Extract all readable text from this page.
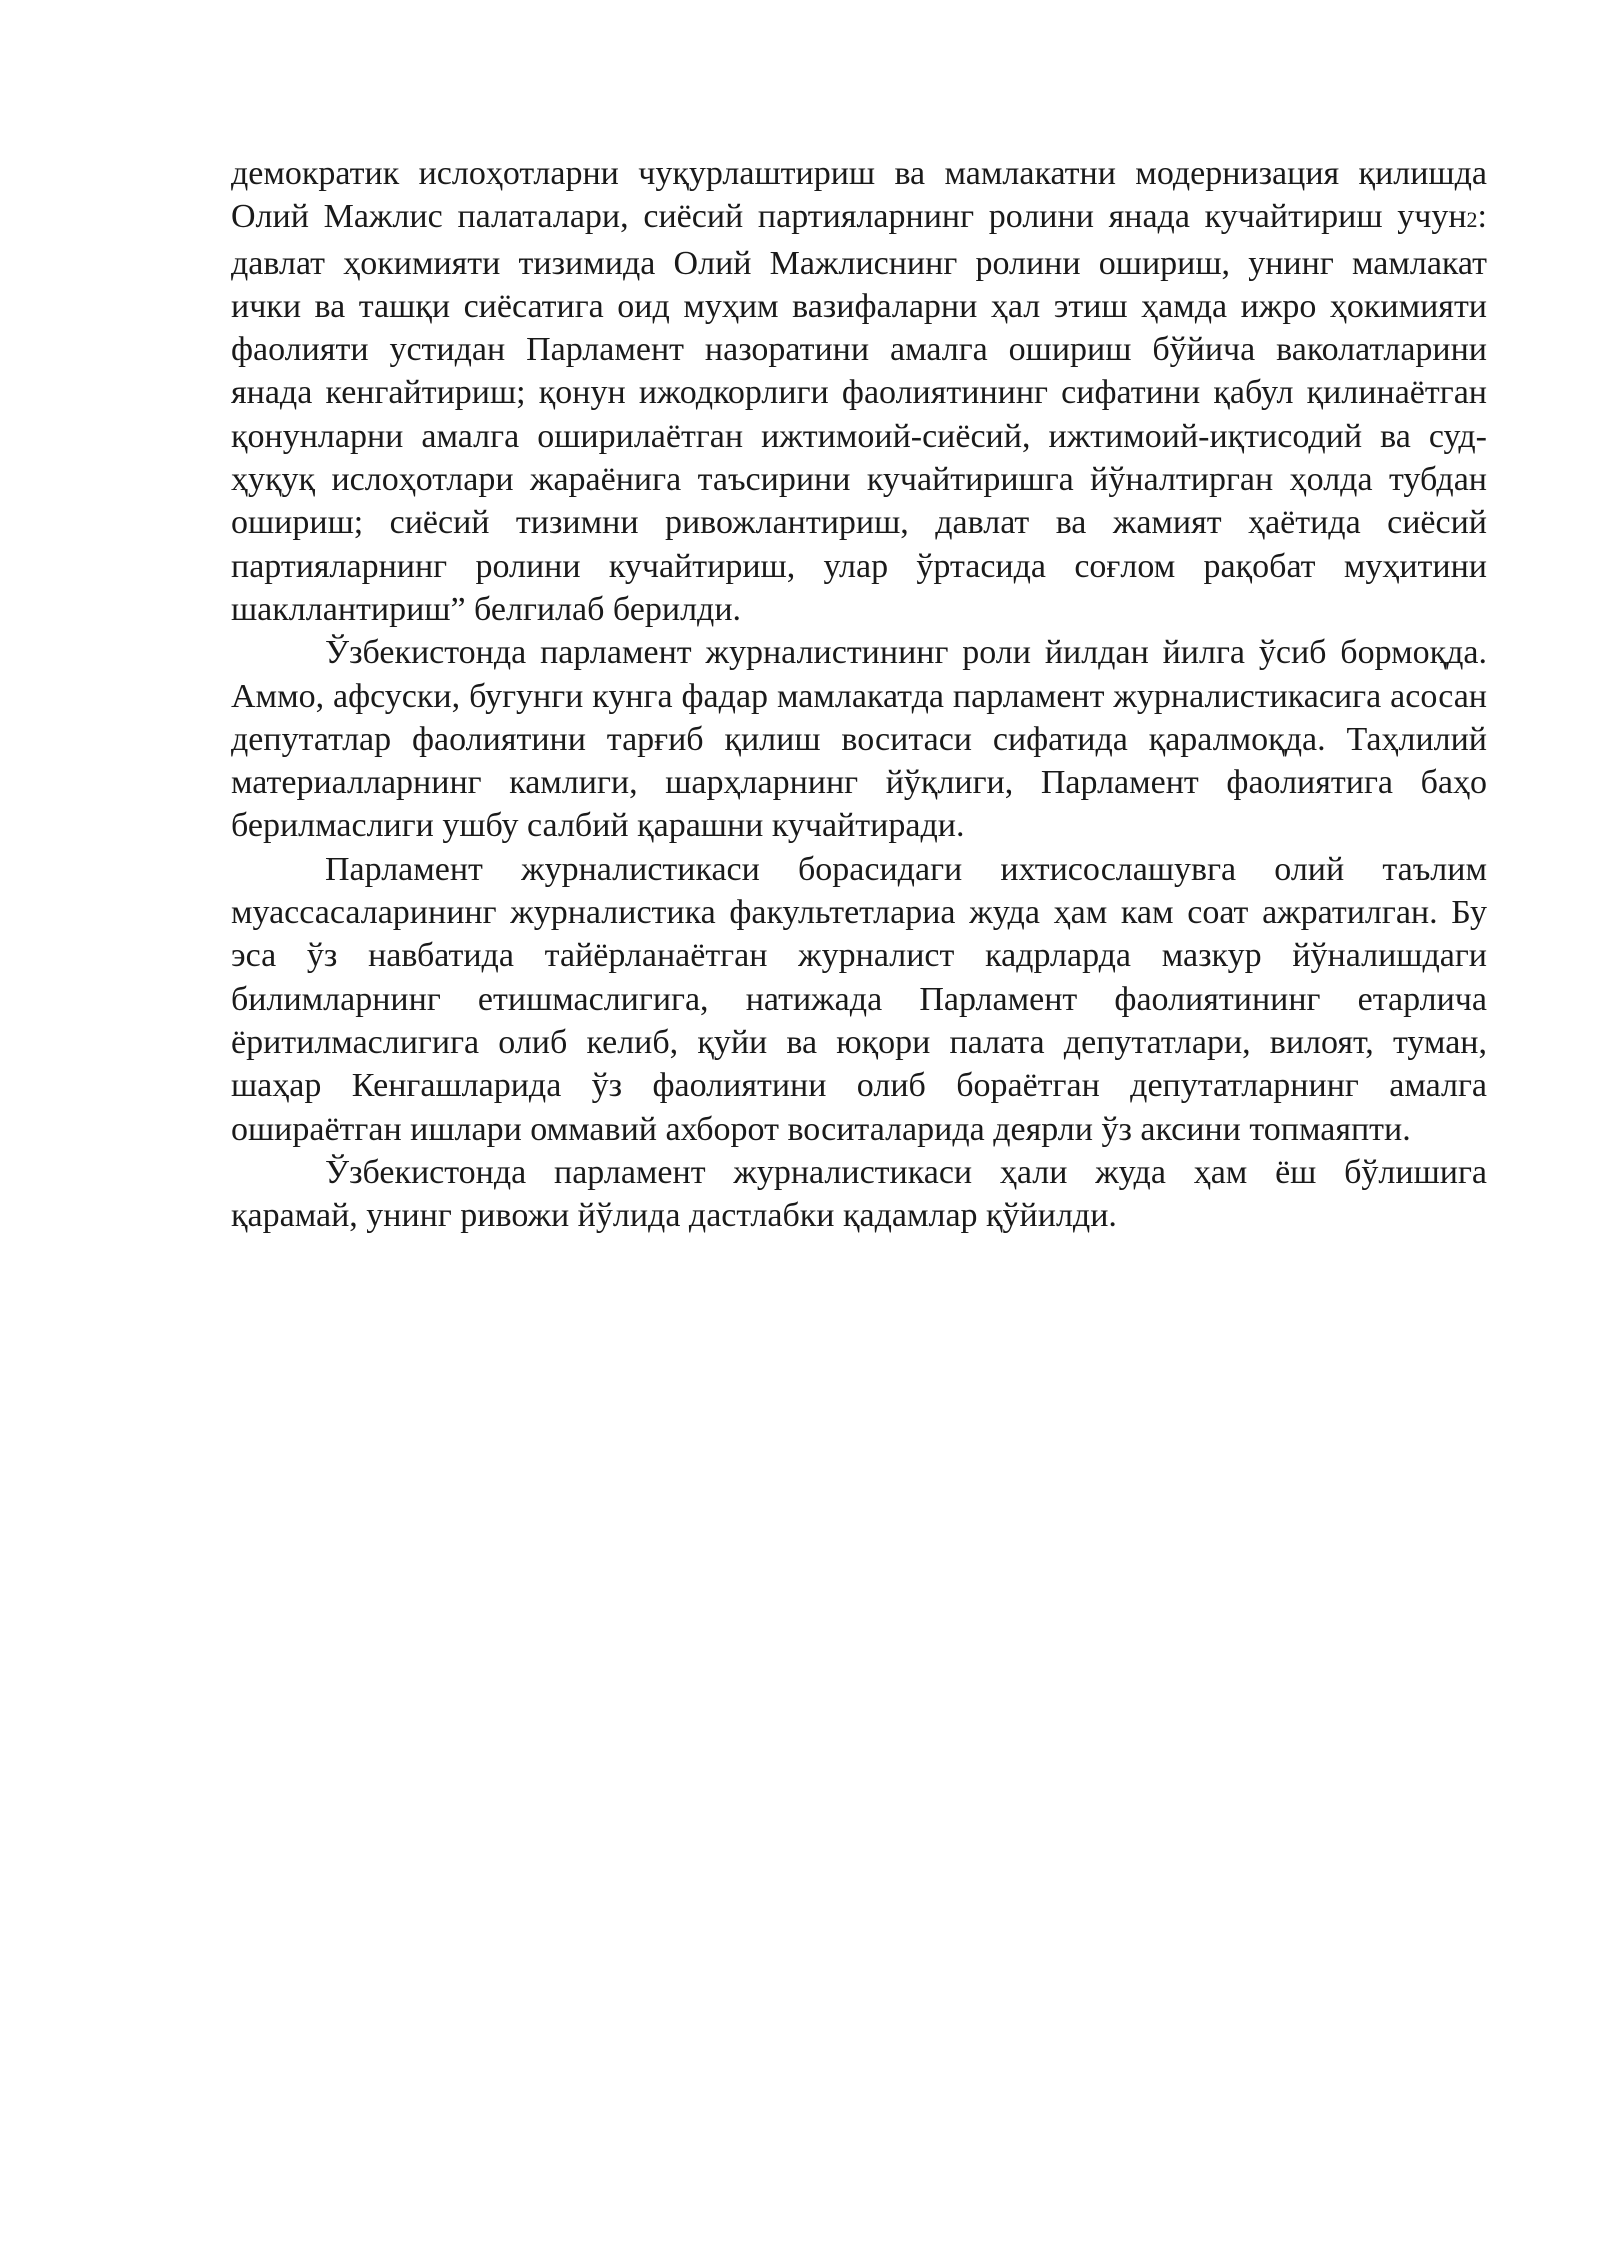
демократик ислоҳотларни чуқурлаштириш ва мамлакатни модернизация қилишда Олий Мажлис палаталари, сиёсий партияларнинг ролини янада кучайтириш учун2: давлат ҳокимияти тизимида Олий Мажлиснинг ролини ошириш, унинг мамлакат ички ва ташқи сиёсатига оид муҳим вазифаларни ҳал этиш ҳамда ижро ҳокимияти фаолияти устидан Парламент назоратини амалга ошириш бўйича ваколатларини янада кенгайтириш; қонун ижодкорлиги фаолиятининг сифатини қабул қилинаётган қонунларни амалга оширилаётган ижтимоий-сиёсий, ижтимоий-иқтисодий ва суд-ҳуқуқ ислоҳотлари жараёнига таъсирини кучайтиришга йўналтирган ҳолда тубдан ошириш; сиёсий тизимни ривожлантириш, давлат ва жамият ҳаётида сиёсий партияларнинг ролини кучайтириш, улар ўртасида соғлом рақобат муҳитини шакллантириш” белгилаб берилди.

Ўзбекистонда парламент журналистининг роли йилдан йилга ўсиб бормоқда. Аммо, афсуски, бугунги кунга фадар мамлакатда парламент журналистикасига асосан депутатлар фаолиятини тарғиб қилиш воситаси сифатида қаралмоқда. Таҳлилий материалларнинг камлиги, шарҳларнинг йўқлиги, Парламент фаолиятига баҳо берилмаслиги ушбу салбий қарашни кучайтиради.

Парламент журналистикаси борасидаги ихтисослашувга олий таълим муассасаларининг журналистика факультетлариа жуда ҳам кам соат ажратилган. Бу эса ўз навбатида тайёрланаётган журналист кадрларда мазкур йўналишдаги билимларнинг етишмаслигига, натижада Парламент фаолиятининг етарлича ёритилмаслигига олиб келиб, қуйи ва юқори палата депутатлари, вилоят, туман, шаҳар Кенгашларида ўз фаолиятини олиб бораётган депутатларнинг амалга ошираётган ишлари оммавий ахборот воситаларида деярли ўз аксини топмаяпти.

Ўзбекистонда парламент журналистикаси ҳали жуда ҳам ёш бўлишига қарамай, унинг ривожи йўлида дастлабки қадамлар қўйилди.
